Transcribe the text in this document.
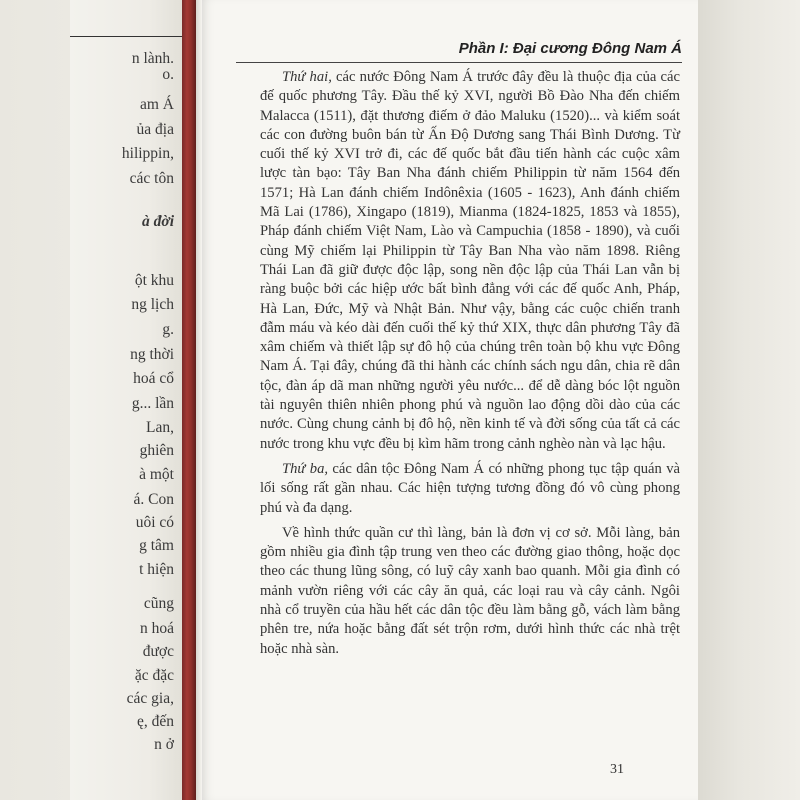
n lành.
o.
am Á
ủa địa
hilippin,
các tôn
à đời
ột khu
ng lịch
g.
ng thời
hoá cổ
g... lần
Lan,
ghiên
à một
á. Con
uôi có
g tâm
t hiện
cũng
n hoá
được
ặc đặc
các gia,
ę, đến
n ở
Phần I: Đại cương Đông Nam Á

Thứ hai, các nước Đông Nam Á trước đây đều là thuộc địa của các đế quốc phương Tây. Đầu thế kỷ XVI, người Bồ Đào Nha đến chiếm Malacca (1511), đặt thương điếm ở đảo Maluku (1520)... và kiểm soát các con đường buôn bán từ Ấn Độ Dương sang Thái Bình Dương. Từ cuối thế kỷ XVI trở đi, các đế quốc bắt đầu tiến hành các cuộc xâm lược tàn bạo: Tây Ban Nha đánh chiếm Philippin từ năm 1564 đến 1571; Hà Lan đánh chiếm Indônêxia (1605 - 1623), Anh đánh chiếm Mã Lai (1786), Xingapo (1819), Mianma (1824-1825, 1853 và 1855), Pháp đánh chiếm Việt Nam, Lào và Campuchia (1858 - 1890), và cuối cùng Mỹ chiếm lại Philippin từ Tây Ban Nha vào năm 1898. Riêng Thái Lan đã giữ được độc lập, song nền độc lập của Thái Lan vẫn bị ràng buộc bởi các hiệp ước bất bình đẳng với các đế quốc Anh, Pháp, Hà Lan, Đức, Mỹ và Nhật Bản. Như vậy, bằng các cuộc chiến tranh đẫm máu và kéo dài đến cuối thế kỷ thứ XIX, thực dân phương Tây đã xâm chiếm và thiết lập sự đô hộ của chúng trên toàn bộ khu vực Đông Nam Á. Tại đây, chúng đã thi hành các chính sách ngu dân, chia rẽ dân tộc, đàn áp dã man những người yêu nước... để dễ dàng bóc lột nguồn tài nguyên thiên nhiên phong phú và nguồn lao động dồi dào của các nước. Cùng chung cảnh bị đô hộ, nền kinh tế và đời sống của tất cả các nước trong khu vực đều bị kìm hãm trong cảnh nghèo nàn và lạc hậu.

Thứ ba, các dân tộc Đông Nam Á có những phong tục tập quán và lối sống rất gần nhau. Các hiện tượng tương đồng đó vô cùng phong phú và đa dạng.

Về hình thức quần cư thì làng, bản là đơn vị cơ sở. Mỗi làng, bản gồm nhiều gia đình tập trung ven theo các đường giao thông, hoặc dọc theo các thung lũng sông, có luỹ cây xanh bao quanh. Mỗi gia đình có mảnh vườn riêng với các cây ăn quả, các loại rau và cây cảnh. Ngôi nhà cổ truyền của hầu hết các dân tộc đều làm bằng gỗ, vách làm bằng phên tre, nứa hoặc bằng đất sét trộn rơm, dưới hình thức các nhà trệt hoặc nhà sàn.

31
